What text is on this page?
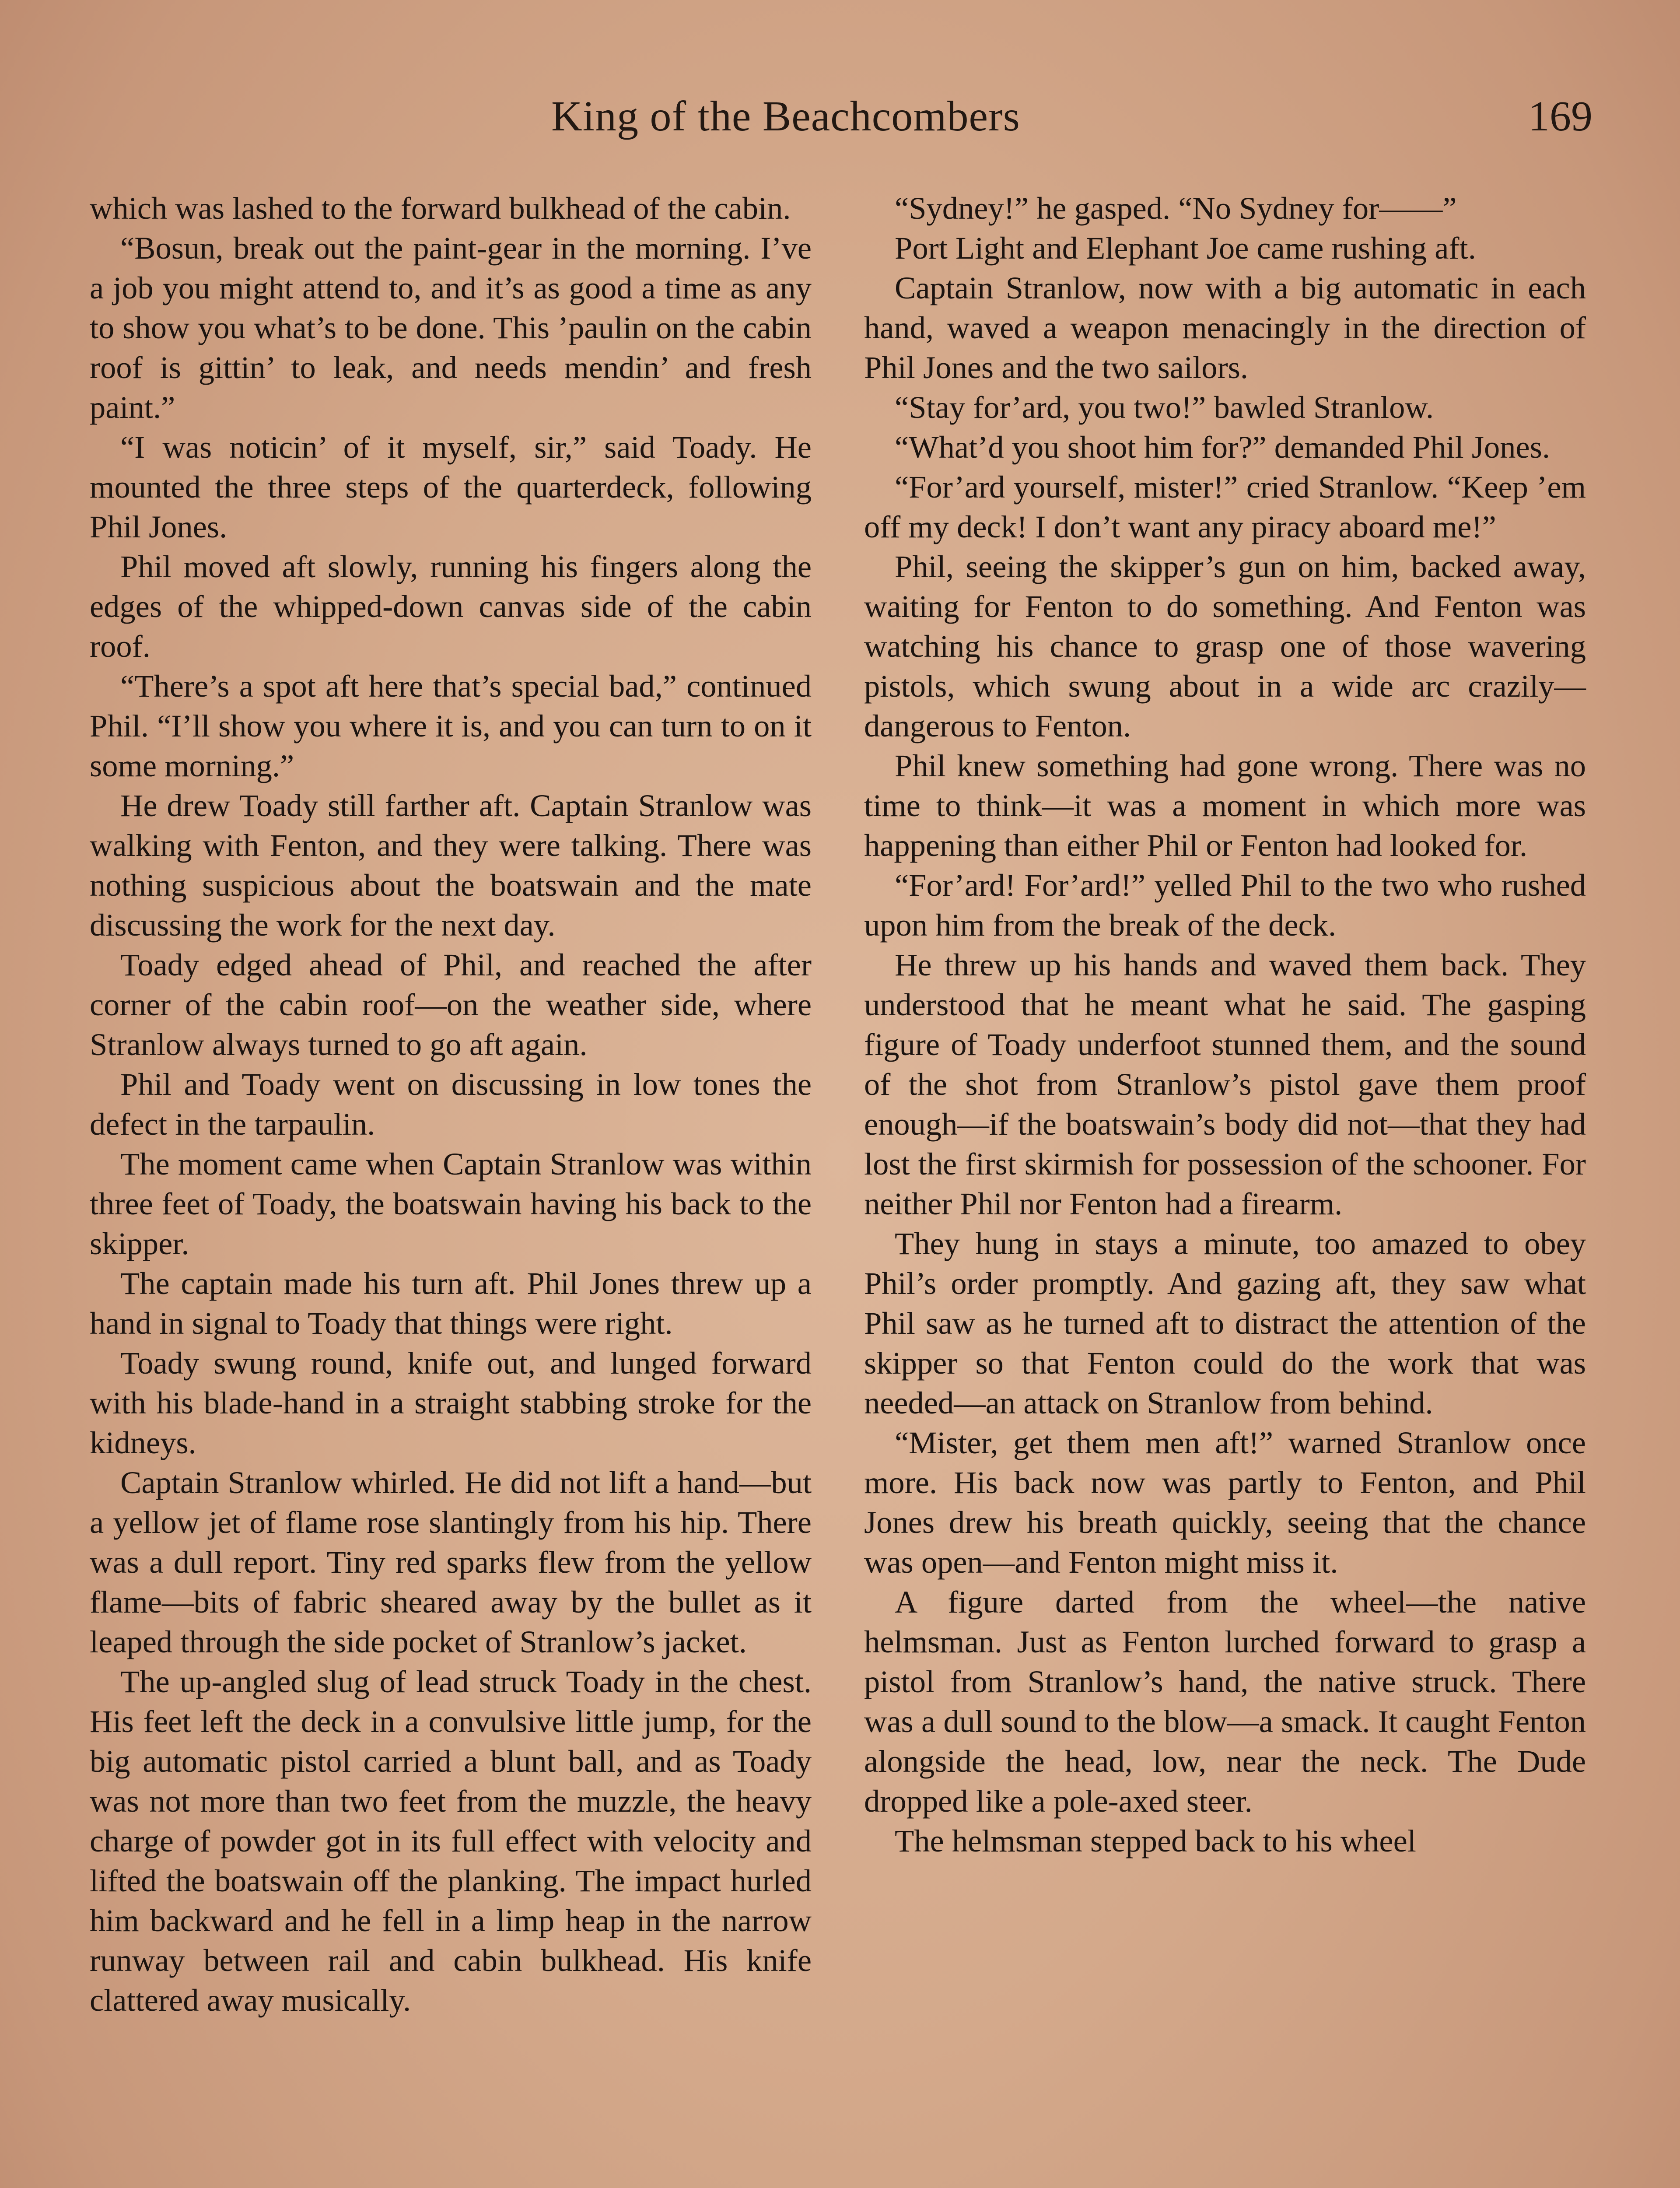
King of the Beachcombers	169

which was lashed to the forward bulkhead of the cabin.

“Bosun, break out the paint-gear in the morning. I’ve a job you might attend to, and it’s as good a time as any to show you what’s to be done. This ’paulin on the cabin roof is gittin’ to leak, and needs mendin’ and fresh paint.”

“I was noticin’ of it myself, sir,” said Toady. He mounted the three steps of the quarterdeck, following Phil Jones.

Phil moved aft slowly, running his fingers along the edges of the whipped-down canvas side of the cabin roof.

“There’s a spot aft here that’s special bad,” continued Phil. “I’ll show you where it is, and you can turn to on it some morning.”

He drew Toady still farther aft. Captain Stranlow was walking with Fenton, and they were talking. There was nothing suspicious about the boatswain and the mate discussing the work for the next day.

Toady edged ahead of Phil, and reached the after corner of the cabin roof—on the weather side, where Stranlow always turned to go aft again.

Phil and Toady went on discussing in low tones the defect in the tarpaulin.

The moment came when Captain Stranlow was within three feet of Toady, the boatswain having his back to the skipper.

The captain made his turn aft. Phil Jones threw up a hand in signal to Toady that things were right.

Toady swung round, knife out, and lunged forward with his blade-hand in a straight stabbing stroke for the kidneys.

Captain Stranlow whirled. He did not lift a hand—but a yellow jet of flame rose slantingly from his hip. There was a dull report. Tiny red sparks flew from the yellow flame—bits of fabric sheared away by the bullet as it leaped through the side pocket of Stranlow’s jacket.

The up-angled slug of lead struck Toady in the chest. His feet left the deck in a convulsive little jump, for the big automatic pistol carried a blunt ball, and as Toady was not more than two feet from the muzzle, the heavy charge of powder got in its full effect with velocity and lifted the boatswain off the planking. The impact hurled him backward and he fell in a limp heap in the narrow runway between rail and cabin bulkhead. His knife clattered away musically.

“Sydney!” he gasped. “No Sydney for——”

Port Light and Elephant Joe came rushing aft.

Captain Stranlow, now with a big automatic in each hand, waved a weapon menacingly in the direction of Phil Jones and the two sailors.

“Stay for’ard, you two!” bawled Stranlow.

“What’d you shoot him for?” demanded Phil Jones.

“For’ard yourself, mister!” cried Stranlow. “Keep ’em off my deck! I don’t want any piracy aboard me!”

Phil, seeing the skipper’s gun on him, backed away, waiting for Fenton to do something. And Fenton was watching his chance to grasp one of those wavering pistols, which swung about in a wide arc crazily—dangerous to Fenton.

Phil knew something had gone wrong. There was no time to think—it was a moment in which more was happening than either Phil or Fenton had looked for.

“For’ard! For’ard!” yelled Phil to the two who rushed upon him from the break of the deck.

He threw up his hands and waved them back. They understood that he meant what he said. The gasping figure of Toady underfoot stunned them, and the sound of the shot from Stranlow’s pistol gave them proof enough—if the boatswain’s body did not—that they had lost the first skirmish for possession of the schooner. For neither Phil nor Fenton had a firearm.

They hung in stays a minute, too amazed to obey Phil’s order promptly. And gazing aft, they saw what Phil saw as he turned aft to distract the attention of the skipper so that Fenton could do the work that was needed—an attack on Stranlow from behind.

“Mister, get them men aft!” warned Stranlow once more. His back now was partly to Fenton, and Phil Jones drew his breath quickly, seeing that the chance was open—and Fenton might miss it.

A figure darted from the wheel—the native helmsman. Just as Fenton lurched forward to grasp a pistol from Stranlow’s hand, the native struck. There was a dull sound to the blow—a smack. It caught Fenton alongside the head, low, near the neck. The Dude dropped like a pole-axed steer.

The helmsman stepped back to his wheel
